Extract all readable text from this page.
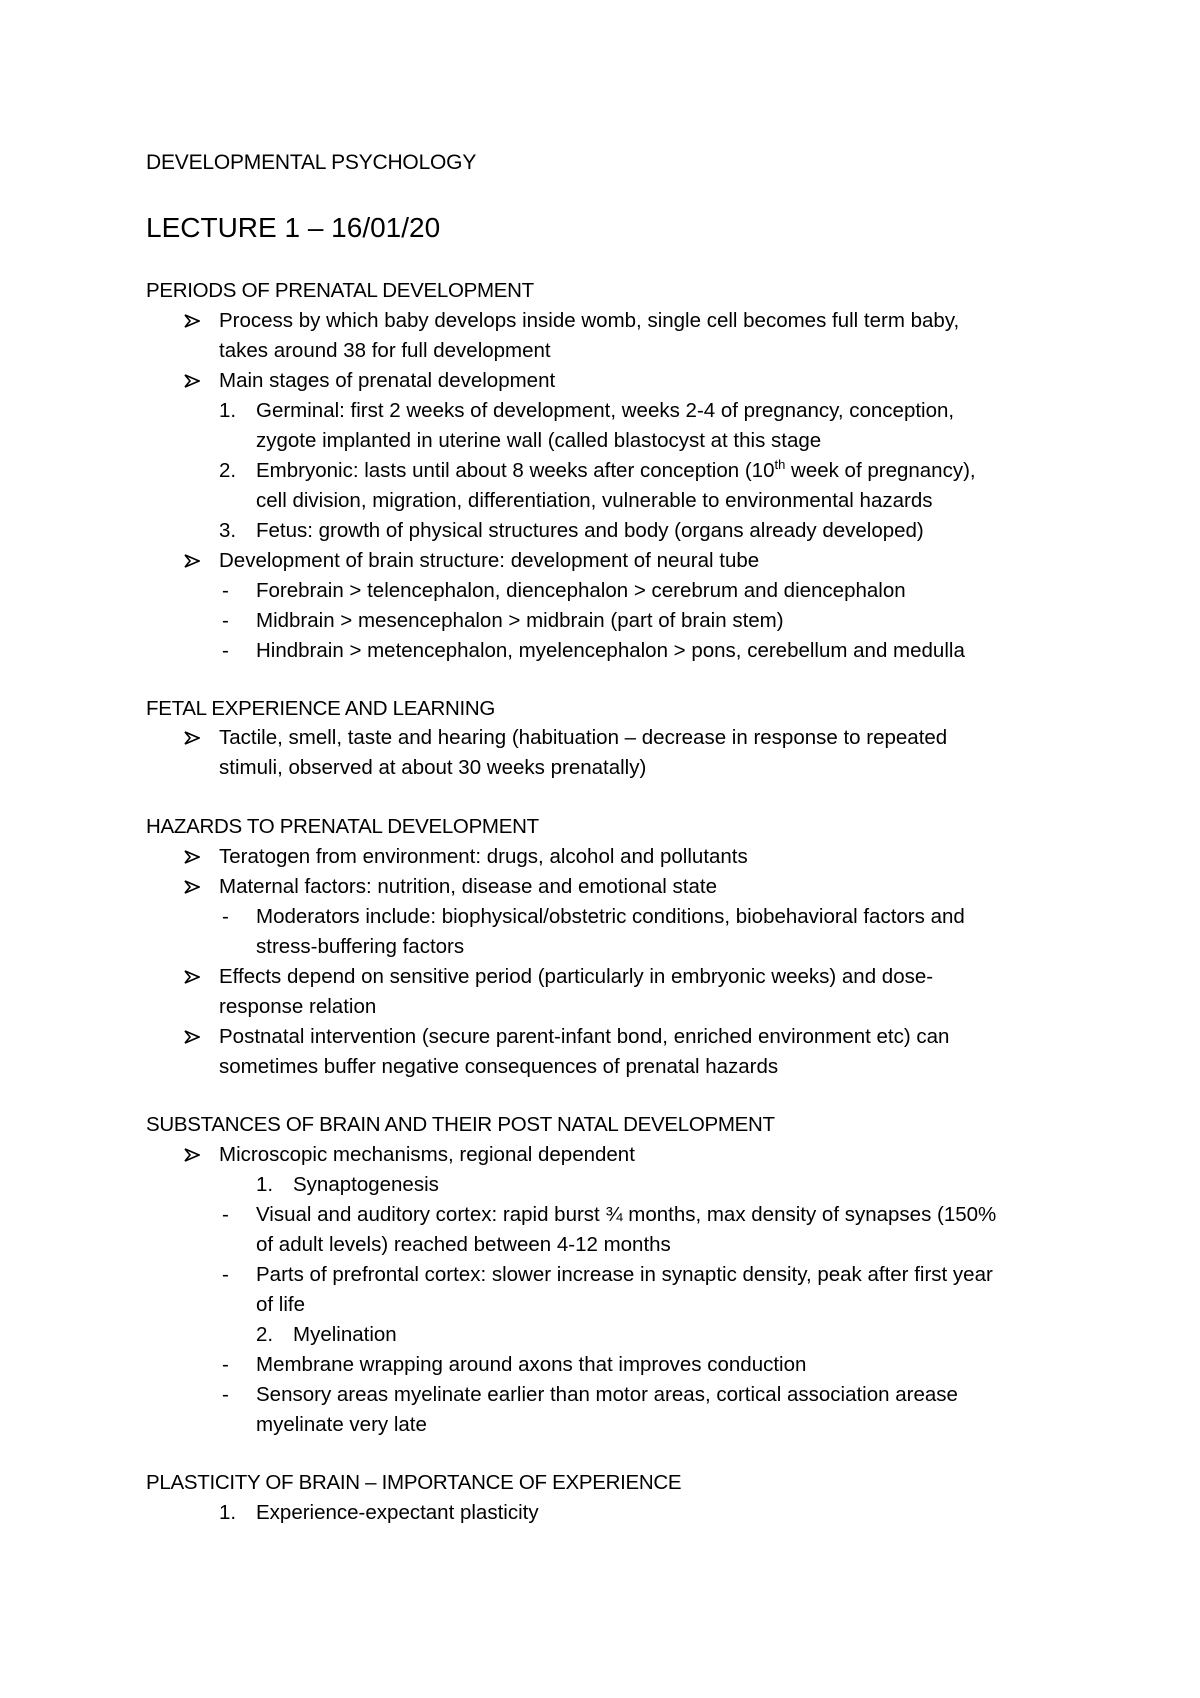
DEVELOPMENTAL PSYCHOLOGY
LECTURE 1 – 16/01/20
PERIODS OF PRENATAL DEVELOPMENT
Process by which baby develops inside womb, single cell becomes full term baby,
takes around 38 for full development
Main stages of prenatal development
1. Germinal: first 2 weeks of development, weeks 2-4 of pregnancy, conception,
zygote implanted in uterine wall (called blastocyst at this stage
2. Embryonic: lasts until about 8 weeks after conception (10th week of pregnancy),
cell division, migration, differentiation, vulnerable to environmental hazards
3. Fetus: growth of physical structures and body (organs already developed)
Development of brain structure: development of neural tube
- Forebrain > telencephalon, diencephalon > cerebrum and diencephalon
- Midbrain > mesencephalon > midbrain (part of brain stem)
- Hindbrain > metencephalon, myelencephalon > pons, cerebellum and medulla
FETAL EXPERIENCE AND LEARNING
Tactile, smell, taste and hearing (habituation – decrease in response to repeated
stimuli, observed at about 30 weeks prenatally)
HAZARDS TO PRENATAL DEVELOPMENT
Teratogen from environment: drugs, alcohol and pollutants
Maternal factors: nutrition, disease and emotional state
- Moderators include: biophysical/obstetric conditions, biobehavioral factors and
stress-buffering factors
Effects depend on sensitive period (particularly in embryonic weeks) and dose-
response relation
Postnatal intervention (secure parent-infant bond, enriched environment etc) can
sometimes buffer negative consequences of prenatal hazards
SUBSTANCES OF BRAIN AND THEIR POST NATAL DEVELOPMENT
Microscopic mechanisms, regional dependent
1. Synaptogenesis
- Visual and auditory cortex: rapid burst ¾ months, max density of synapses (150%
of adult levels) reached between 4-12 months
- Parts of prefrontal cortex: slower increase in synaptic density, peak after first year
of life
2. Myelination
- Membrane wrapping around axons that improves conduction
- Sensory areas myelinate earlier than motor areas, cortical association arease
myelinate very late
PLASTICITY OF BRAIN – IMPORTANCE OF EXPERIENCE
1. Experience-expectant plasticity
